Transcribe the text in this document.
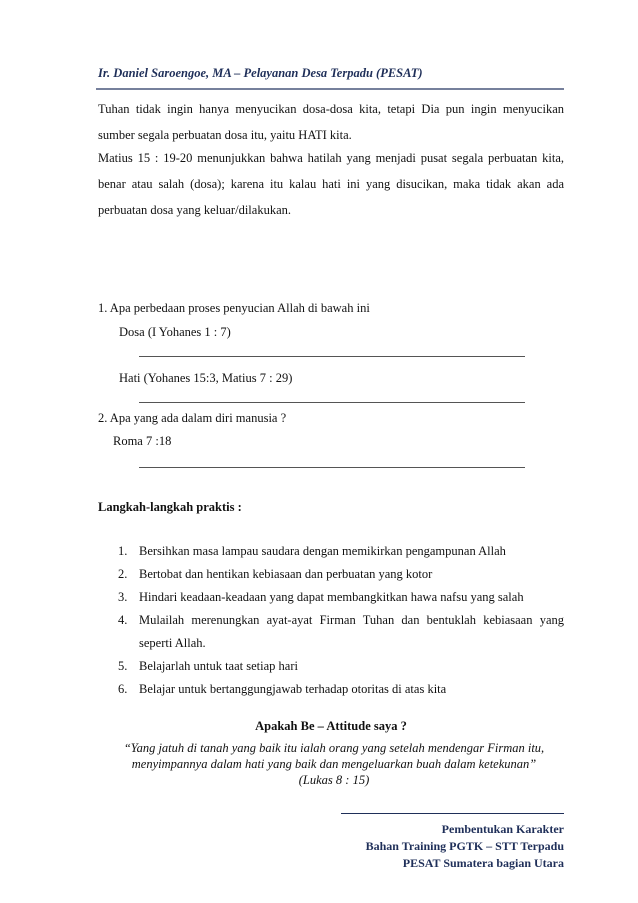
Ir. Daniel Saroengoe, MA – Pelayanan Desa Terpadu (PESAT)

Tuhan tidak ingin hanya menyucikan dosa-dosa kita, tetapi Dia pun ingin menyucikan sumber segala perbuatan dosa itu, yaitu HATI kita.

Matius 15 : 19-20 menunjukkan bahwa hatilah yang menjadi pusat segala perbuatan kita, benar atau salah (dosa); karena itu kalau hati ini yang disucikan, maka tidak akan ada perbuatan dosa yang keluar/dilakukan.

1. Apa perbedaan proses penyucian Allah di bawah ini

Dosa (I Yohanes 1 : 7)

Hati (Yohanes 15:3, Matius 7 : 29)

2. Apa yang ada dalam diri manusia ?

Roma 7 :18

Langkah-langkah praktis :
1. Bersihkan masa lampau saudara dengan memikirkan pengampunan Allah
2. Bertobat dan hentikan kebiasaan dan perbuatan yang kotor
3. Hindari keadaan-keadaan yang dapat membangkitkan hawa nafsu yang salah
4. Mulailah merenungkan ayat-ayat Firman Tuhan dan bentuklah kebiasaan yang seperti Allah.
5. Belajarlah untuk taat setiap hari
6. Belajar untuk bertanggungjawab terhadap otoritas di atas kita
Apakah Be – Attitude saya ?

“Yang jatuh di tanah yang baik itu ialah orang yang setelah mendengar Firman itu,
menyimpannya dalam hati yang baik dan mengeluarkan buah dalam ketekunan”
(Lukas 8 : 15)

Pembentukan Karakter
Bahan Training PGTK – STT Terpadu
PESAT Sumatera bagian Utara
